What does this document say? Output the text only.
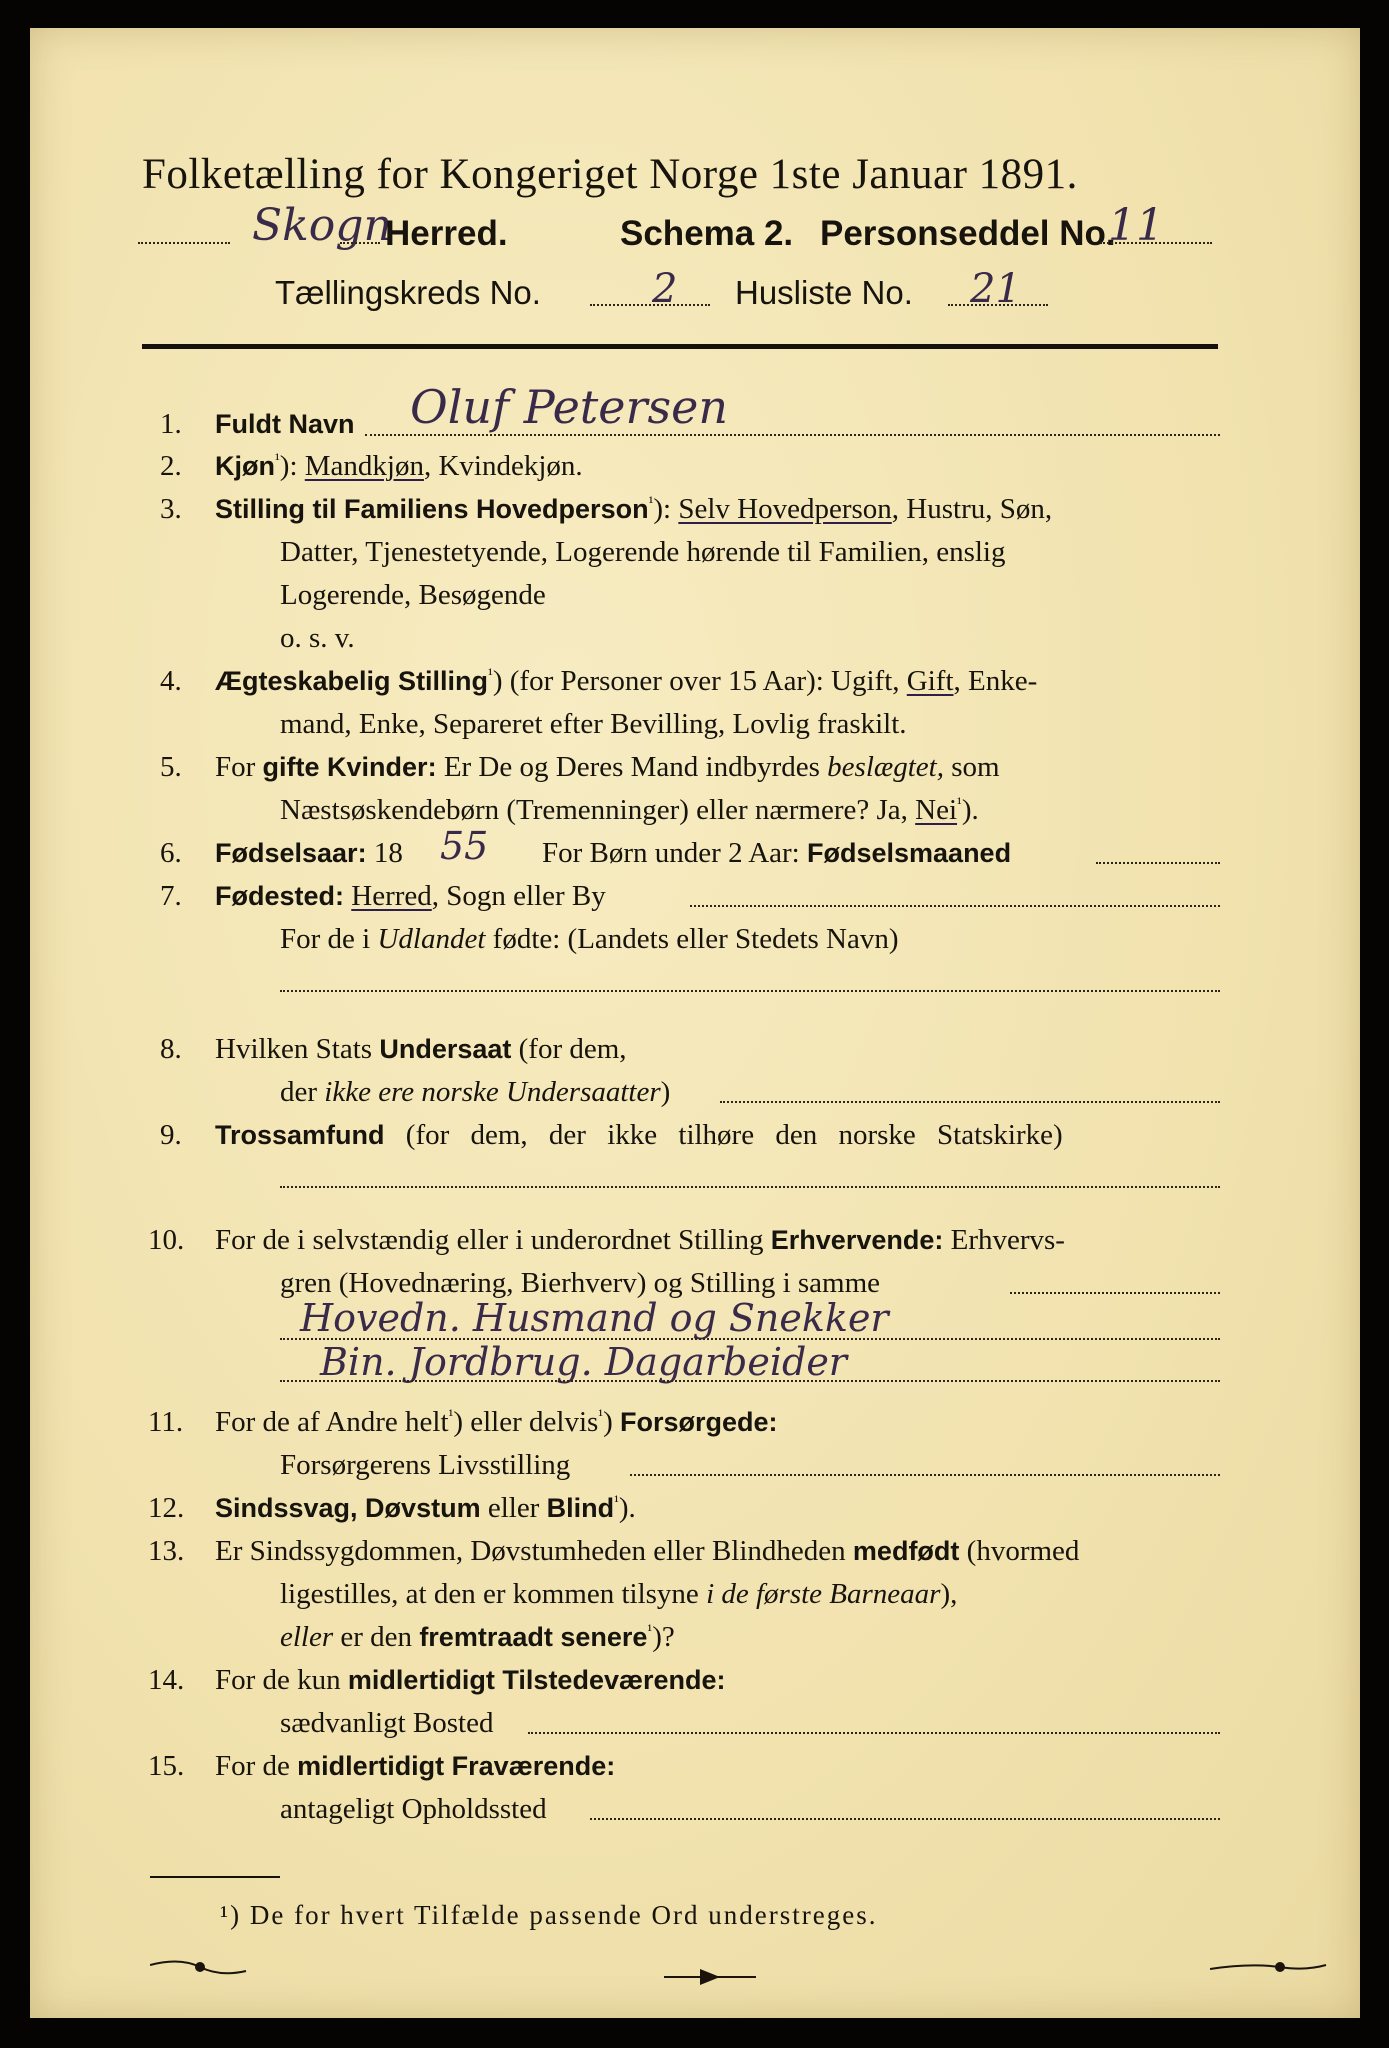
Folketælling for Kongeriget Norge 1ste Januar 1891.
Skogn
Herred.	Schema 2. Personseddel No.
11
Tællingskreds No.	2 Husliste No. 21
1. Fuldt Navn Oluf Petersen
2. Kjøn$^{^1}$): Mandkjøn, Kvindekjøn.
3. Stilling til Familiens Hovedperson$^{^1}$): Selv Hovedperson, Hustru, Søn,
Datter, Tjenestetyende, Logerende hørende til Familien, enslig
Logerende, Besøgende
o. s. v.
4. Ægteskabelig Stilling$^{^1}$) (for Personer over 15 Aar): Ugift, Gift, Enke-
mand, Enke, Separeret efter Bevilling, Lovlig fraskilt.
5. For gifte Kvinder: Er De og Deres Mand indbyrdes beslægtet, som
Næstsøskendebørn (Tremenninger) eller nærmere? Ja, Nei$^{^1}$).
6. Fødselsaar: 18 55 For Børn under 2 Aar: Fødselsmaaned
7. Fødested: Herred, Sogn eller By
For de i Udlandet fødte: (Landets eller Stedets Navn)
8. Hvilken Stats Undersaat (for dem,
der ikke ere norske Undersaatter)
9. Trossamfund (for dem, der ikke tilhøre den norske Statskirke)
10. For de i selvstændig eller i underordnet Stilling Erhvervende: Erhvervs-
gren (Hovednæring, Bierhverv) og Stilling i samme
Hovedn. Husmand og Snekker
Bin. Jordbrug. Dagarbeider
11. For de af Andre helt$^{^1}$) eller delvis$^{^1}$) Forsørgede:
Forsørgerens Livsstilling
12. Sindssvag, Døvstum eller Blind$^{^1}$).
13. Er Sindssygdommen, Døvstumheden eller Blindheden medfødt (hvormed
ligestilles, at den er kommen tilsyne i de første Barneaar),
eller er den fremtraadt senere$^{^1}$)?
14. For de kun midlertidigt Tilstedeværende:
sædvanligt Bosted
15. For de midlertidigt Fraværende:
antageligt Opholdssted
¹) De for hvert Tilfælde passende Ord understreges.
